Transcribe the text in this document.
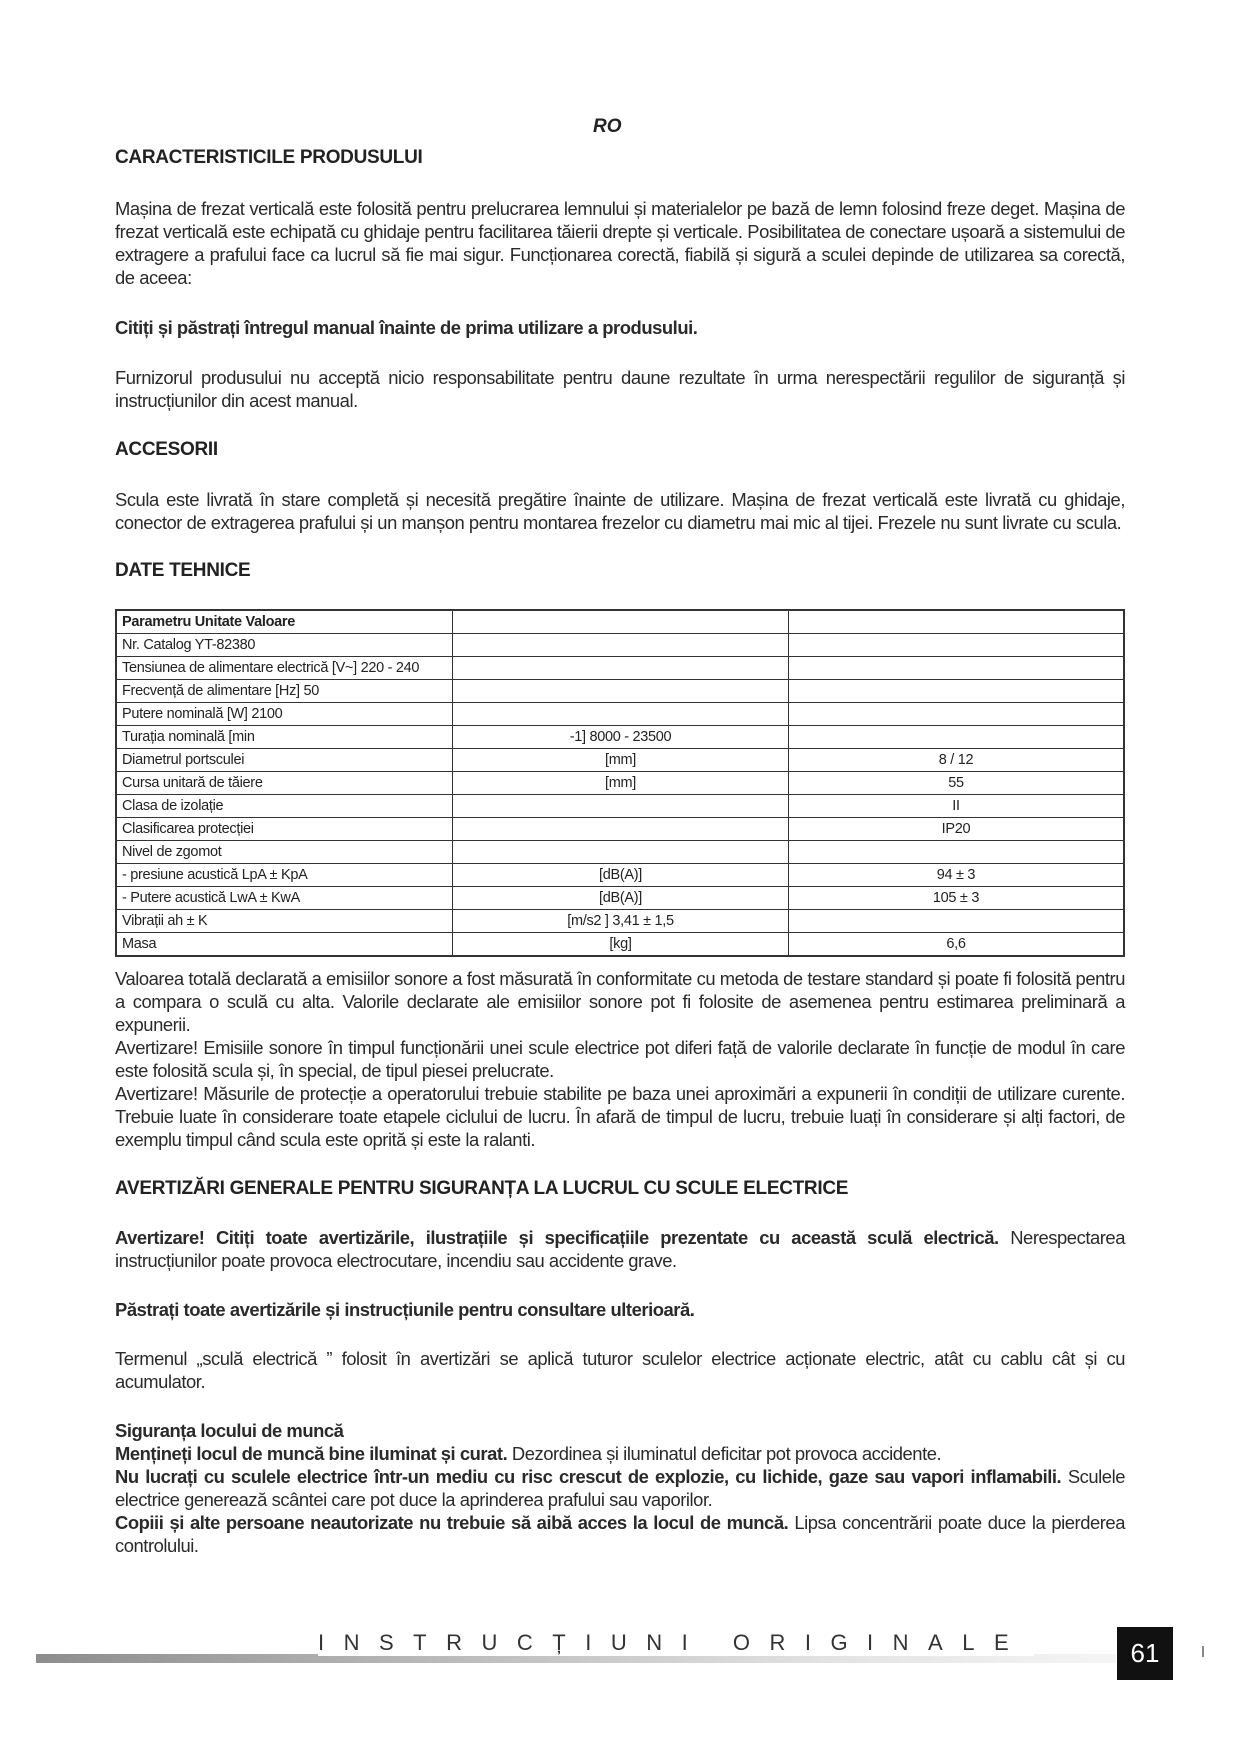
RO
CARACTERISTICILE PRODUSULUI

Mașina de frezat verticală este folosită pentru prelucrarea lemnului și materialelor pe bază de lemn folosind freze deget. Mașina de frezat verticală este echipată cu ghidaje pentru facilitarea tăierii drepte și verticale. Posibilitatea de conectare ușoară a sistemului de extragere a prafului face ca lucrul să fie mai sigur. Funcționarea corectă, fiabilă și sigură a sculei depinde de utilizarea sa corectă, de aceea:

Citiți și păstrați întregul manual înainte de prima utilizare a produsului.

Furnizorul produsului nu acceptă nicio responsabilitate pentru daune rezultate în urma nerespectării regulilor de siguranță și instrucțiunilor din acest manual.

ACCESORII

Scula este livrată în stare completă și necesită pregătire înainte de utilizare. Mașina de frezat verticală este livrată cu ghidaje, conector de extragerea prafului și un manșon pentru montarea frezelor cu diametru mai mic al tijei. Frezele nu sunt livrate cu scula.

DATE TEHNICE
Parametru Unitate Valoare		
Nr. Catalog YT-82380		
Tensiunea de alimentare electrică [V~] 220 - 240		
Frecvență de alimentare [Hz] 50		
Putere nominală [W] 2100		
Turația nominală [min	-1] 8000 - 23500	
Diametrul portsculei	[mm]	8 / 12
Cursa unitară de tăiere	[mm]	55
Clasa de izolație		II
Clasificarea protecției		IP20
Nivel de zgomot		
- presiune acustică LpA ± KpA	[dB(A)]	94 ± 3
- Putere acustică LwA ± KwA	[dB(A)]	105 ± 3
Vibrații ah ± K	[m/s2 ] 3,41 ± 1,5	
Masa	[kg]	6,6

Valoarea totală declarată a emisiilor sonore a fost măsurată în conformitate cu metoda de testare standard și poate fi folosită pentru a compara o sculă cu alta. Valorile declarate ale emisiilor sonore pot fi folosite de asemenea pentru estimarea preliminară a expunerii.

Avertizare! Emisiile sonore în timpul funcționării unei scule electrice pot diferi față de valorile declarate în funcție de modul în care este folosită scula și, în special, de tipul piesei prelucrate.

Avertizare! Măsurile de protecție a operatorului trebuie stabilite pe baza unei aproximări a expunerii în condiții de utilizare curente. Trebuie luate în considerare toate etapele ciclului de lucru. În afară de timpul de lucru, trebuie luați în considerare și alți factori, de exemplu timpul când scula este oprită și este la ralanti.

AVERTIZĂRI GENERALE PENTRU SIGURANȚA LA LUCRUL CU SCULE ELECTRICE

Avertizare! Citiți toate avertizările, ilustrațiile și specificațiile prezentate cu această sculă electrică. Nerespectarea instrucțiunilor poate provoca electrocutare, incendiu sau accidente grave.

Păstrați toate avertizările și instrucțiunile pentru consultare ulterioară.

Termenul „sculă electrică ” folosit în avertizări se aplică tuturor sculelor electrice acționate electric, atât cu cablu cât și cu acumulator.

Siguranța locului de muncă

Mențineți locul de muncă bine iluminat și curat. Dezordinea și iluminatul deficitar pot provoca accidente.

Nu lucrați cu sculele electrice într-un mediu cu risc crescut de explozie, cu lichide, gaze sau vapori inflamabili. Sculele electrice generează scântei care pot duce la aprinderea prafului sau vaporilor.

Copiii și alte persoane neautorizate nu trebuie să aibă acces la locul de muncă. Lipsa concentrării poate duce la pierderea controlului.

INSTRUCȚIUNI ORIGINALE	61
